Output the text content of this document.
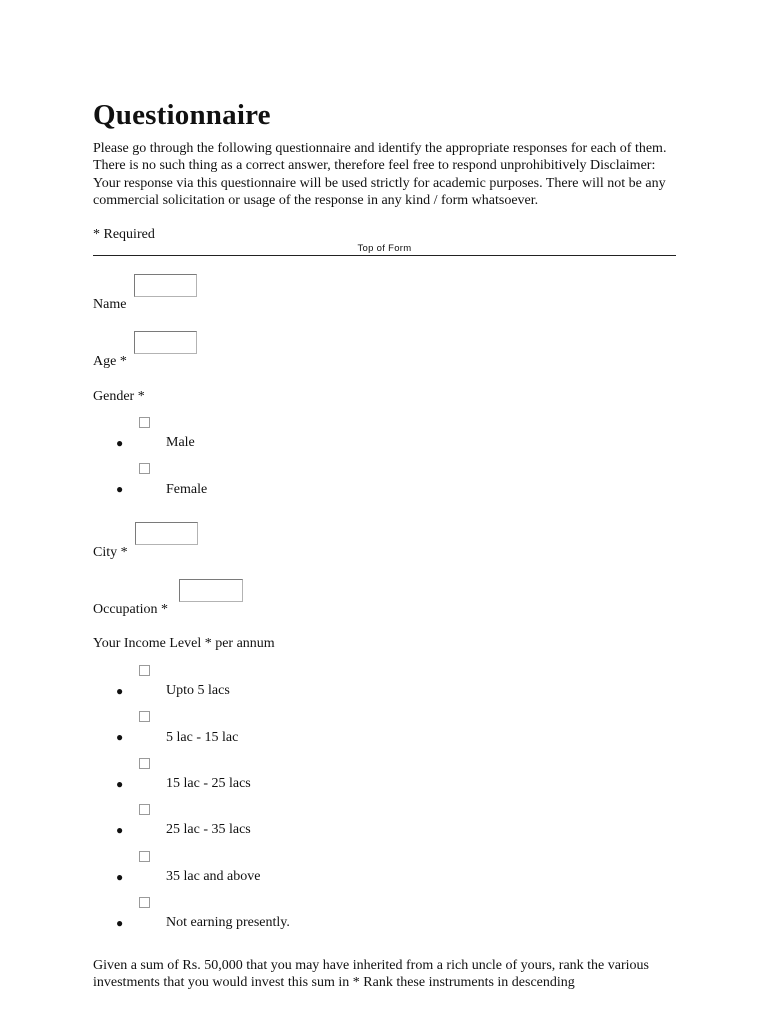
Questionnaire

Please go through the following questionnaire and identify the appropriate responses for each of them. There is no such thing as a correct answer, therefore feel free to respond unprohibitively Disclaimer: Your response via this questionnaire will be used strictly for academic purposes. There will not be any commercial solicitation or usage of the response in any kind / form whatsoever.

* Required
Top of Form
Name
Age *
Gender *
●	Male
●	Female
City *
Occupation *
Your Income Level * per annum
●	Upto 5 lacs
●	5 lac - 15 lac
●	15 lac - 25 lacs
●	25 lac - 35 lacs
●	35 lac and above
●	Not earning presently.

Given a sum of Rs. 50,000 that you may have inherited from a rich uncle of yours, rank the various investments that you would invest this sum in * Rank these instruments in descending
